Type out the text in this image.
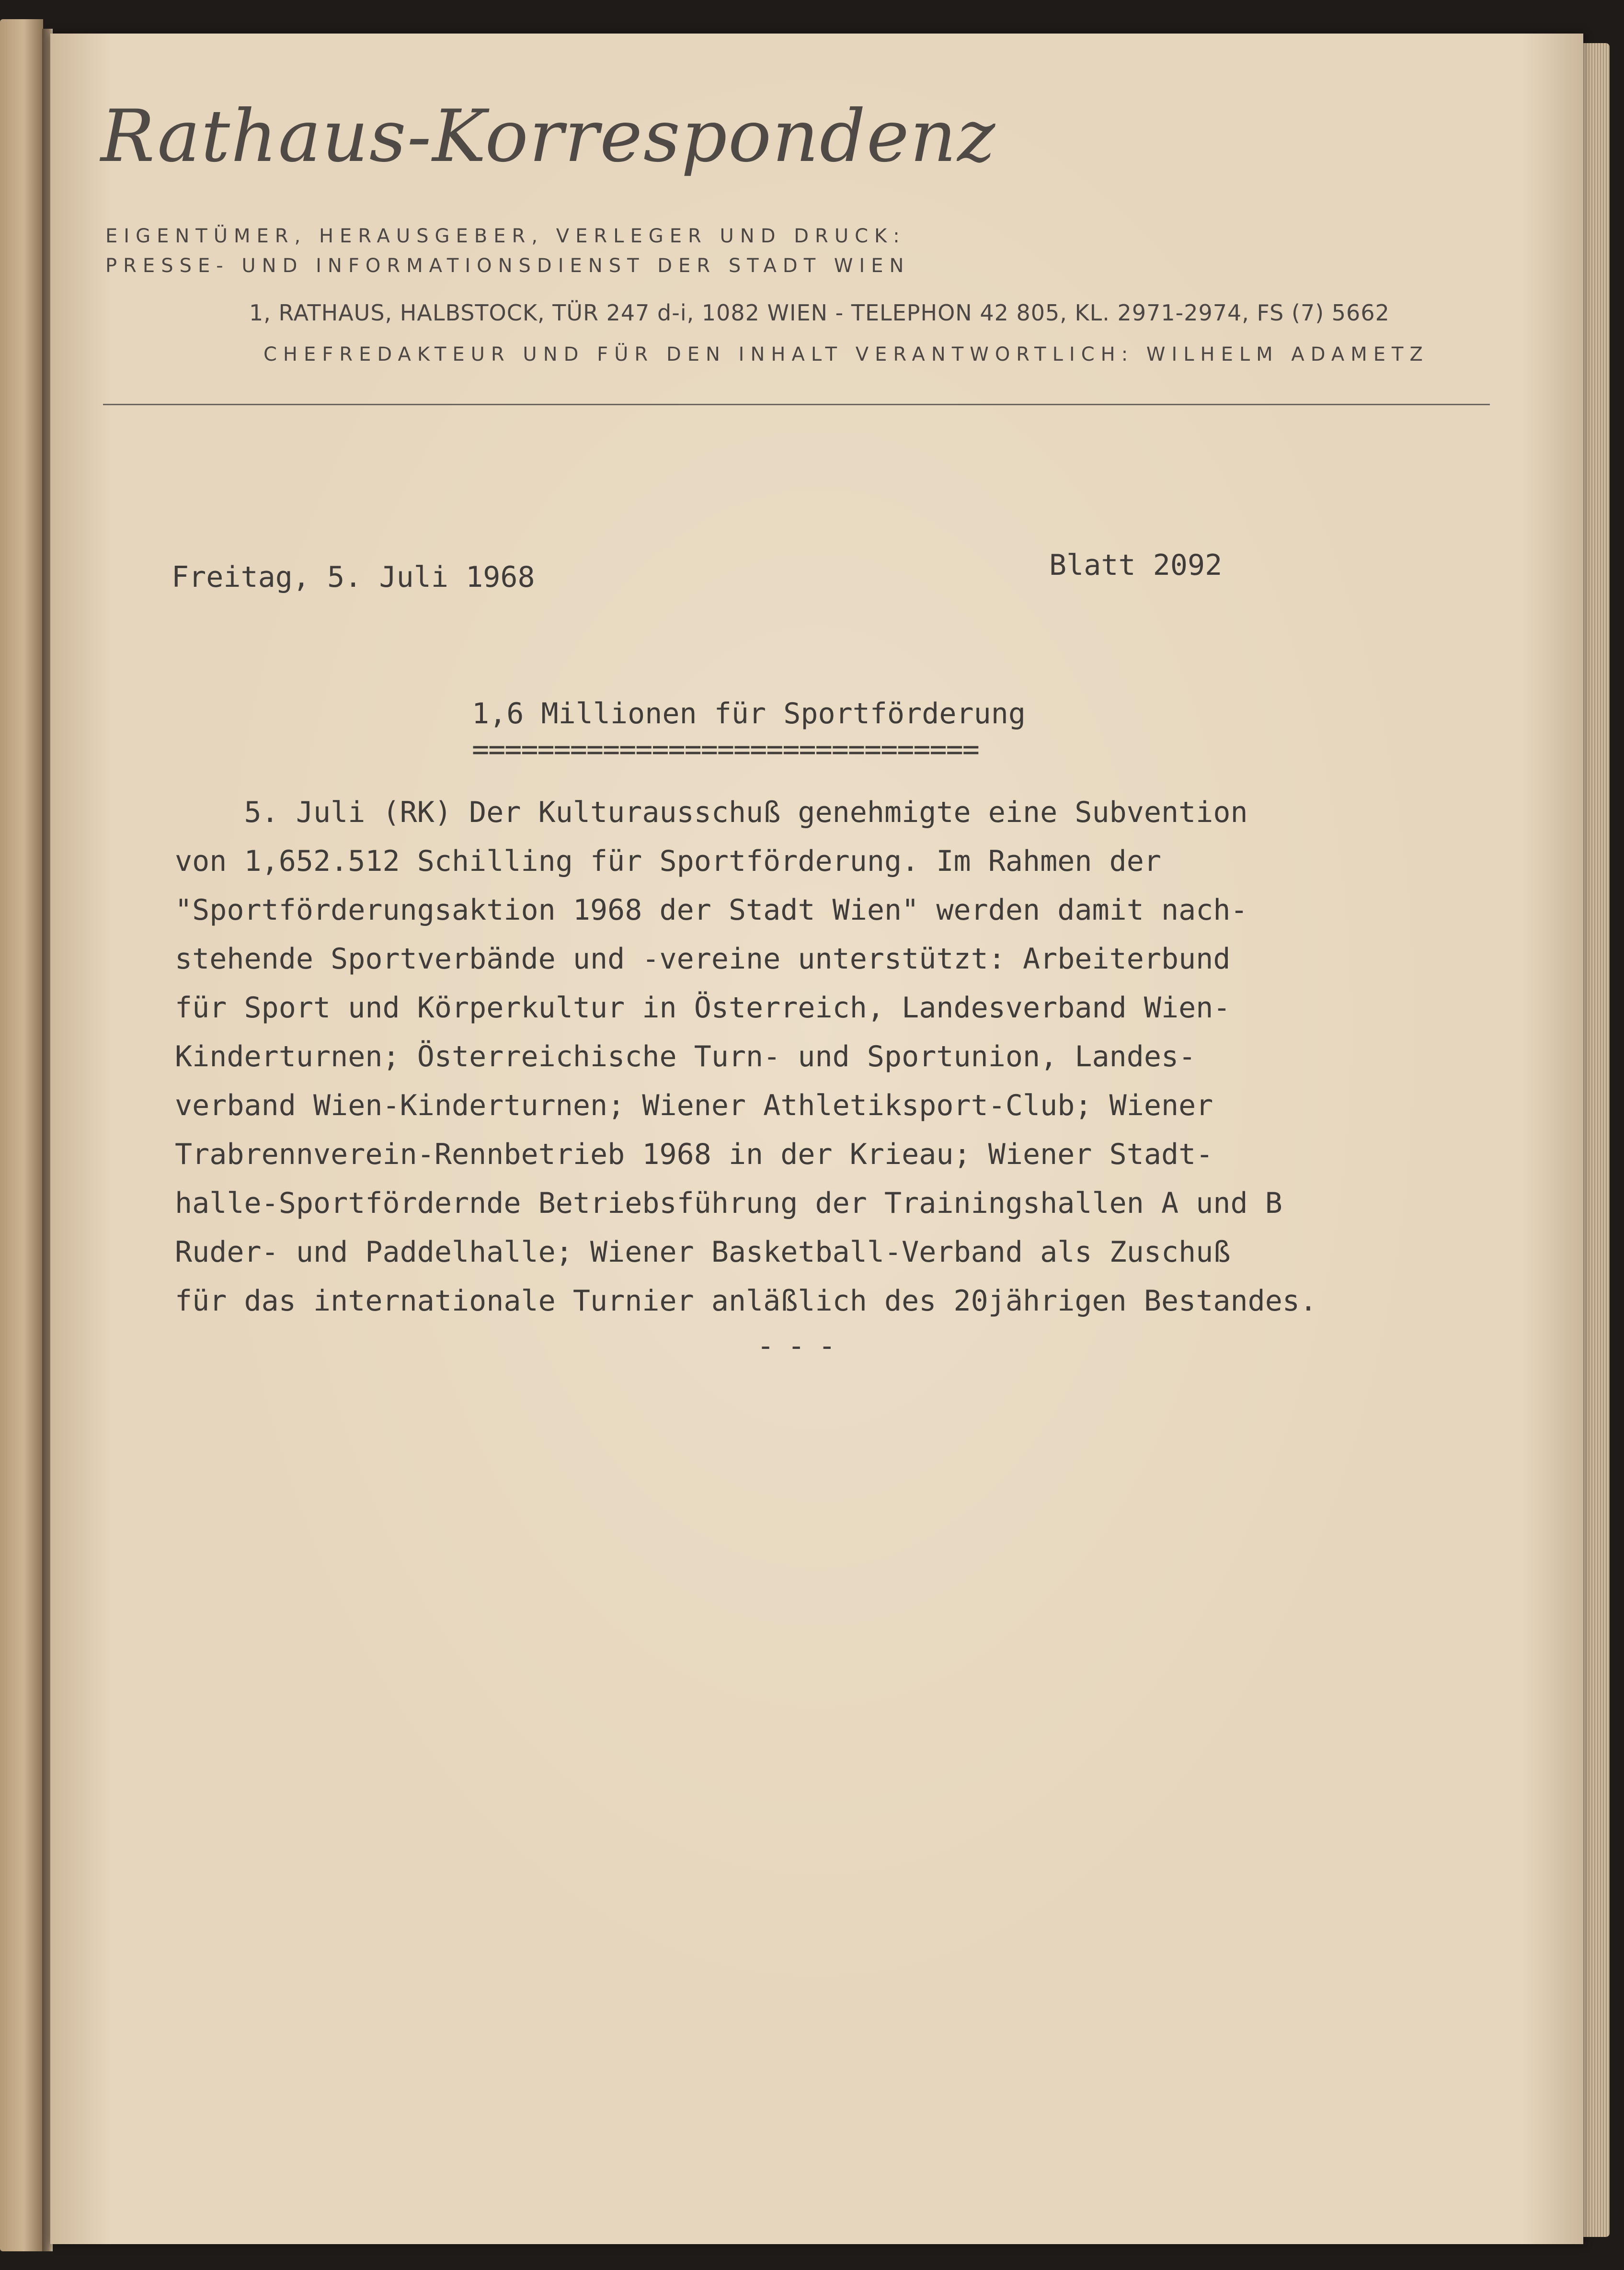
Rathaus-Korrespondenz
EIGENTÜMER, HERAUSGEBER, VERLEGER UND DRUCK:
PRESSE- UND INFORMATIONSDIENST DER STADT WIEN
1, RATHAUS, HALBSTOCK, TÜR 247 d-i, 1082 WIEN - TELEPHON 42 805, KL. 2971-2974, FS (7) 5662
CHEFREDAKTEUR UND FÜR DEN INHALT VERANTWORTLICH: WILHELM ADAMETZ
Freitag, 5. Juli 1968	Blatt 2092
1,6 Millionen für Sportförderung
===============================
5. Juli (RK) Der Kulturausschuß genehmigte eine Subvention
von 1,652.512 Schilling für Sportförderung. Im Rahmen der
"Sportförderungsaktion 1968 der Stadt Wien" werden damit nach-
stehende Sportverbände und -vereine unterstützt: Arbeiterbund
für Sport und Körperkultur in Österreich, Landesverband Wien-
Kinderturnen; Österreichische Turn- und Sportunion, Landes-
verband Wien-Kinderturnen; Wiener Athletiksport-Club; Wiener
Trabrennverein-Rennbetrieb 1968 in der Krieau; Wiener Stadt-
halle-Sportfördernde Betriebsführung der Trainingshallen A und B
Ruder- und Paddelhalle; Wiener Basketball-Verband als Zuschuß
für das internationale Turnier anläßlich des 20jährigen Bestandes.
---
